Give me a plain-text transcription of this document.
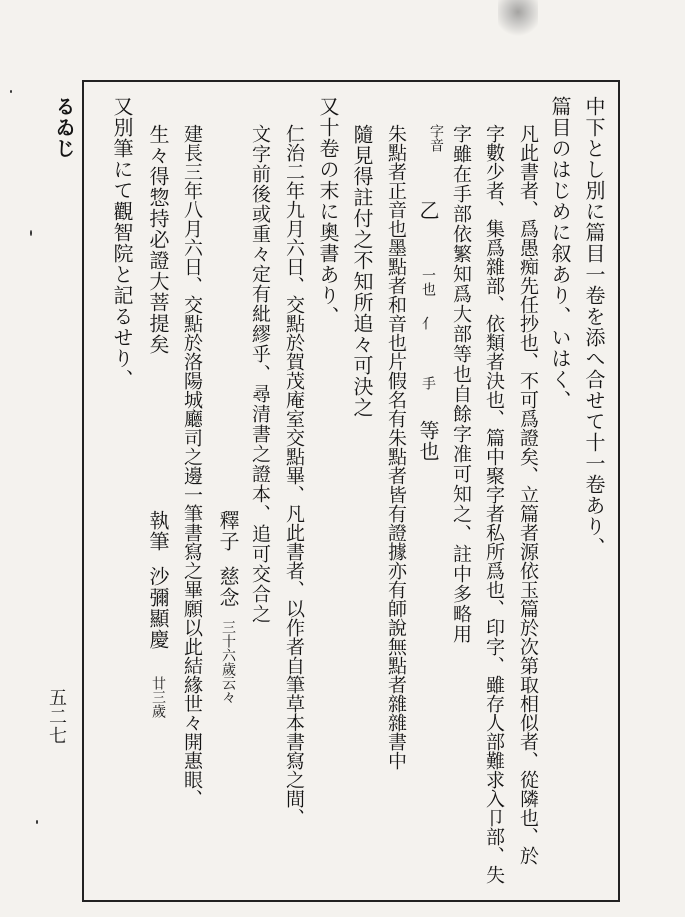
るゐじ
五二七
中下とし別に篇目一卷を添へ合せて十一卷あり、
篇目のはじめに叙あり、いはく、
凡此書者、爲愚痴先任抄也、不可爲證矣、立篇者源依玉篇於次第取相似者、從隣也、於
字數少者、集爲雜部、依類者決也、篇中聚字者私所爲也、印字、雖存人部難求入卩部、失
字雖在手部依繁知爲大部等也自餘字准可知之、註中多略用
字音
乙
一也
亻
手
等也
朱點者正音也墨點者和音也片假名有朱點者皆有證據亦有師說無點者雜雜書中
隨見得註付之不知所追々可決之
又十卷の末に奧書あり、
仁治二年九月六日、交點於賀茂庵室交點畢、凡此書者、以作者自筆草本書寫之間、
文字前後或重々定有紕繆乎、尋清書之證本、追可交合之
釋子
慈念
三十六歲云々
建長三年八月六日、交點於洛陽城廳司之邊一筆書寫之畢願以此結緣世々開惠眼、
生々得惣持必證大菩提矣
執筆
沙彌
顯慶
廿三歲
又別筆にて觀智院と記るせり、
